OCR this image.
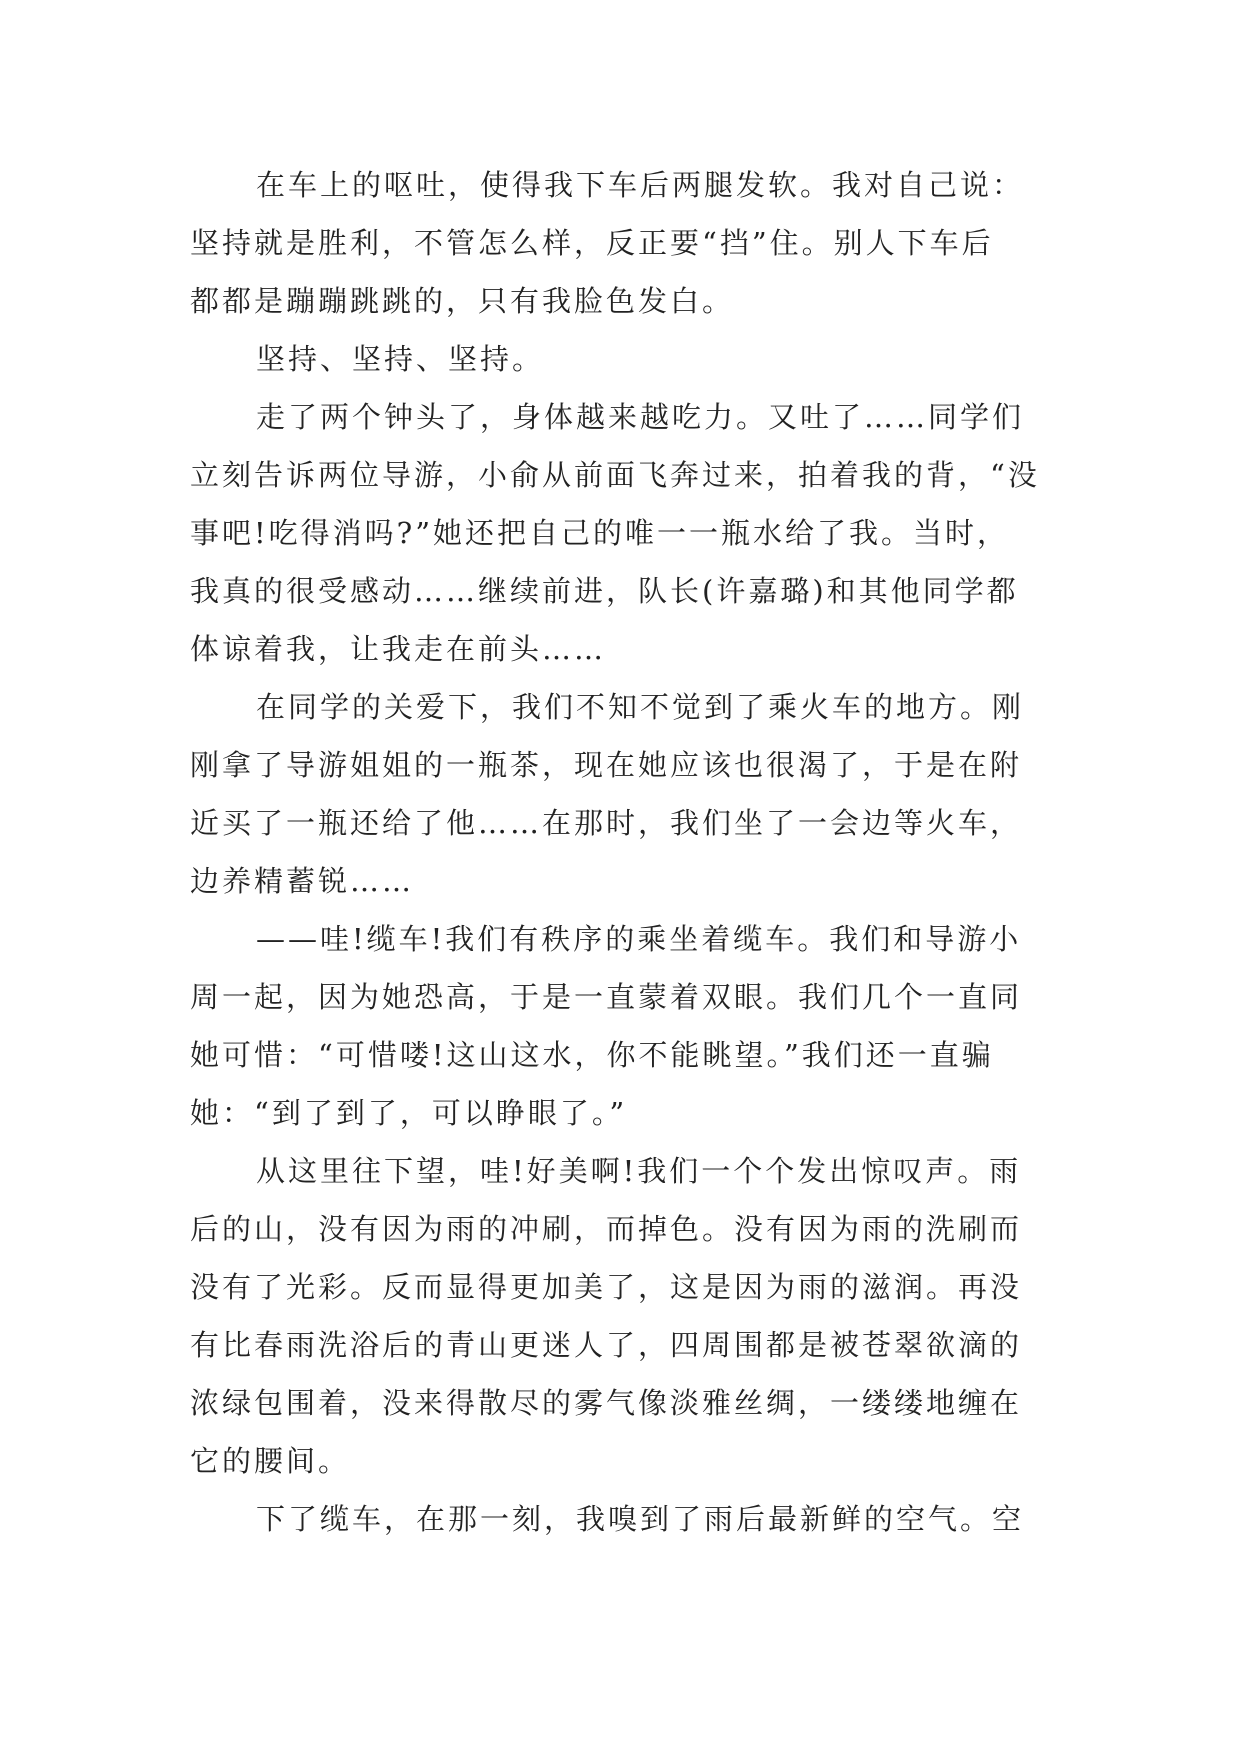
在车上的呕吐，使得我下车后两腿发软。我对自己说：
坚持就是胜利，不管怎么样，反正要“挡”住。别人下车后
都都是蹦蹦跳跳的，只有我脸色发白。

坚持、坚持、坚持。

走了两个钟头了，身体越来越吃力。又吐了……同学们
立刻告诉两位导游，小俞从前面飞奔过来，拍着我的背，“没
事吧!吃得消吗?”她还把自己的唯一一瓶水给了我。当时，
我真的很受感动……继续前进，队长(许嘉璐)和其他同学都
体谅着我，让我走在前头……

在同学的关爱下，我们不知不觉到了乘火车的地方。刚
刚拿了导游姐姐的一瓶茶，现在她应该也很渴了，于是在附
近买了一瓶还给了他……在那时，我们坐了一会边等火车，
边养精蓄锐……

——哇!缆车!我们有秩序的乘坐着缆车。我们和导游小
周一起，因为她恐高，于是一直蒙着双眼。我们几个一直同
她可惜：“可惜喽!这山这水，你不能眺望。”我们还一直骗
她：“到了到了，可以睁眼了。”

从这里往下望，哇!好美啊!我们一个个发出惊叹声。雨
后的山，没有因为雨的冲刷，而掉色。没有因为雨的洗刷而
没有了光彩。反而显得更加美了，这是因为雨的滋润。再没
有比春雨洗浴后的青山更迷人了，四周围都是被苍翠欲滴的
浓绿包围着，没来得散尽的雾气像淡雅丝绸，一缕缕地缠在
它的腰间。

下了缆车，在那一刻，我嗅到了雨后最新鲜的空气。空
